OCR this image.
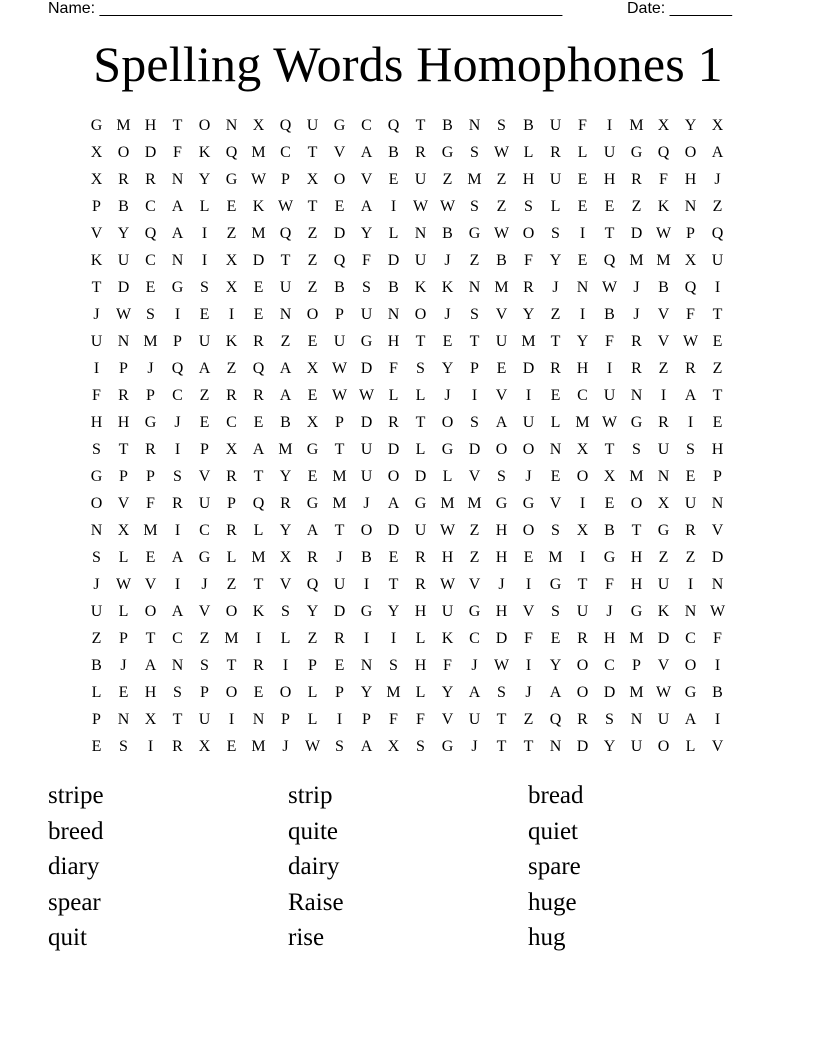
Name: ____________________________________________________	Date: _______
Spelling Words Homophones 1
G M H	T	O N X Q U G C Q	T	B N	S	B U	F	I	M X Y X
X O D	F	K Q M C	T	V A B	R G	S W L	R	L	U G Q O A
X R	R N Y G W P	X O V	E	U	Z M Z	H U	E	H R	F	H	J
P	B	C A	L	E	K W T	E	A	I	W W S	Z	S	L	E	E	Z	K N	Z
V Y Q A	I	Z M Q	Z	D Y	L	N B G W O	S	I	T	D W P	Q
K U C N	I	X D	T	Z	Q	F	D U	J	Z	B	F	Y	E	Q M M X U
T	D	E	G	S	X	E	U	Z	B	S	B K K N M R	J	N W	J	B Q	I
J	W S	I	E	I	E	N O	P	U N O	J	S	V Y	Z	I	B	J	V	F	T
U N M P	U K R	Z	E	U G H	T	E	T	U M T	Y	F	R V W E
I	P	J	Q A	Z	Q A X W D	F	S	Y	P	E	D R H	I	R	Z	R	Z
F	R	P	C	Z	R	R A	E W W L	L	J	I	V	I	E	C U N	I	A	T
H H G	J	E	C	E	B X	P	D R	T	O	S	A U	L M W G R	I	E
S	T	R	I	P	X A M G	T	U D	L	G D O O N X	T	S	U	S	H
G	P	P	S	V R	T	Y	E M U O D	L	V	S	J	E	O X M N	E	P
O V	F	R U	P	Q R G M	J	A G M M G G V	I	E	O X U N
N X M	I	C	R	L	Y A	T	O D U W Z	H O	S	X B	T	G R V
S	L	E	A G	L M X R	J	B	E	R H	Z	H	E M	I	G H	Z	Z	D
J	W V	I	J	Z	T	V Q U	I	T	R W V	J	I	G	T	F	H U	I	N
U	L	O A V O K	S	Y D G Y H U G H V	S	U	J	G K N W
Z	P	T	C	Z M	I	L	Z	R	I	I	L	K C D	F	E	R H M D C	F
B	J	A N	S	T	R	I	P	E	N	S	H	F	J	W	I	Y O C	P	V O	I
L	E	H	S	P	O	E	O	L	P	Y M L	Y A	S	J	A O D M W G B
P	N X	T	U	I	N	P	L	I	P	F	F	V U	T	Z	Q R	S	N U A	I
E	S	I	R X	E M	J	W S	A X	S	G	J	T	T	N D Y U O	L	V
stripe	strip	bread
breed	quite	quiet
diary	dairy	spare
spear	Raise	huge
quit	rise	hug
